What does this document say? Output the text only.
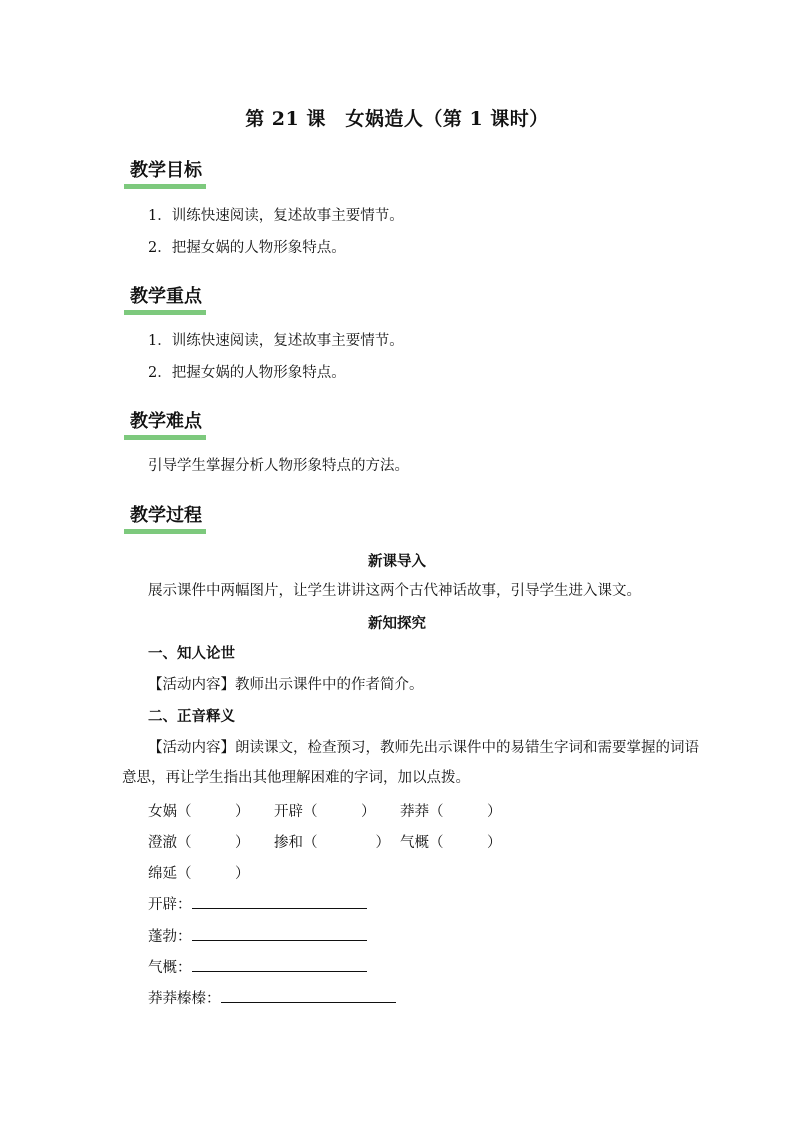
第 21 课　女娲造人（第 1 课时）
教学目标
1．训练快速阅读，复述故事主要情节。
2．把握女娲的人物形象特点。
教学重点
1．训练快速阅读，复述故事主要情节。
2．把握女娲的人物形象特点。
教学难点
引导学生掌握分析人物形象特点的方法。
教学过程
新课导入
展示课件中两幅图片，让学生讲讲这两个古代神话故事，引导学生进入课文。
新知探究
一、知人论世
【活动内容】教师出示课件中的作者简介。
二、正音释义
【活动内容】朗读课文，检查预习，教师先出示课件中的易错生字词和需要掌握的词语
意思，再让学生指出其他理解困难的字词，加以点拨。
女娲（　　　） 开辟（　　　） 莽莽（　　　）
澄澈（　　　） 掺和（　　　　） 气概（　　　）
绵延（　　　）
开辟：
蓬勃：
气概：
莽莽榛榛：
